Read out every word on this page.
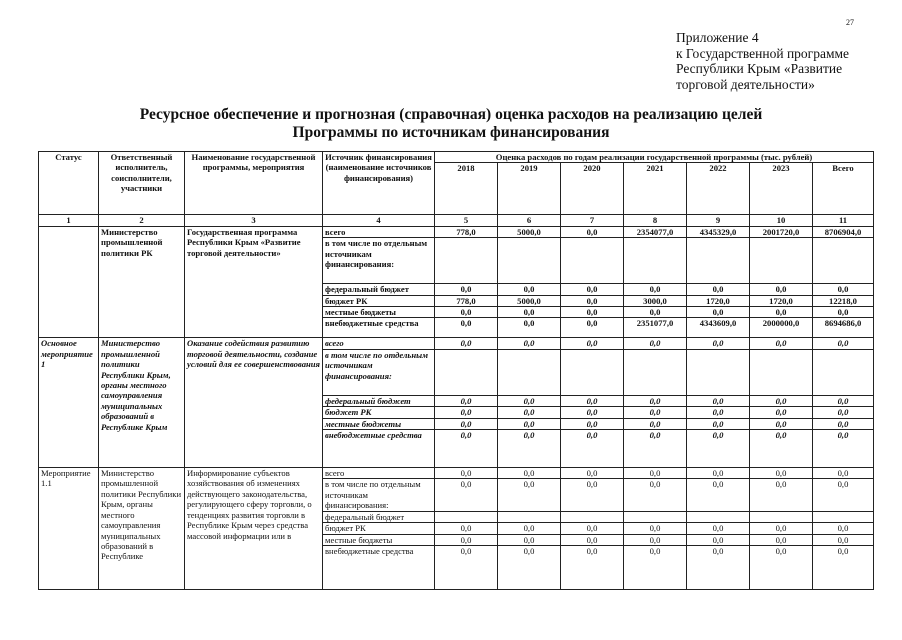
27
Приложение 4
к Государственной программе
Республики Крым «Развитие
торговой деятельности»
Ресурсное обеспечение и прогнозная (справочная) оценка расходов на реализацию целей
Программы по источникам финансирования
Статус	Ответственный исполнитель, соисполнители, участники	Наименование государственной программы, мероприятия	Источник финансирования (наименование источников финансирования)	Оценка расходов по годам реализации государственной программы (тыс. рублей)						
				2018	2019	2020	2021	2022	2023	Всего
1	2	3	4	5	6	7	8	9	10	11
	Министерство промышленной политики РК	Государственная программа Республики Крым «Развитие торговой деятельности»	всего	778,0	5000,0	0,0	2354077,0	4345329,0	2001720,0	8706904,0
			в том числе по отдельным источникам финансирования:							
			федеральный бюджет	0,0	0,0	0,0	0,0	0,0	0,0	0,0
			бюджет РК	778,0	5000,0	0,0	3000,0	1720,0	1720,0	12218,0
			местные бюджеты	0,0	0,0	0,0	0,0	0,0	0,0	0,0
			внебюджетные средства	0,0	0,0	0,0	2351077,0	4343609,0	2000000,0	8694686,0
Основное мероприятие 1	Министерство промышленной политики Республики Крым, органы местного самоуправления муниципальных образований в Республике Крым	Оказание содействия развитию торговой деятельности, создание условий для ее совершенствования	всего	0,0	0,0	0,0	0,0	0,0	0,0	0,0
			в том числе по отдельным источникам финансирования:							
			федеральный бюджет	0,0	0,0	0,0	0,0	0,0	0,0	0,0
			бюджет РК	0,0	0,0	0,0	0,0	0,0	0,0	0,0
			местные бюджеты	0,0	0,0	0,0	0,0	0,0	0,0	0,0
			внебюджетные средства	0,0	0,0	0,0	0,0	0,0	0,0	0,0
Мероприятие 1.1	Министерство промышленной политики Республики Крым, органы местного самоуправления муниципальных образований в Республике	Информирование субъектов хозяйствования об изменениях действующего законодательства, регулирующего сферу торговли, о тенденциях развития торговли в Республике Крым через средства массовой информации или в	всего	0,0	0,0	0,0	0,0	0,0	0,0	0,0
			в том числе по отдельным источникам финансирования:	0,0	0,0	0,0	0,0	0,0	0,0	0,0
			федеральный бюджет							
			бюджет РК	0,0	0,0	0,0	0,0	0,0	0,0	0,0
			местные бюджеты	0,0	0,0	0,0	0,0	0,0	0,0	0,0
			внебюджетные средства	0,0	0,0	0,0	0,0	0,0	0,0	0,0
